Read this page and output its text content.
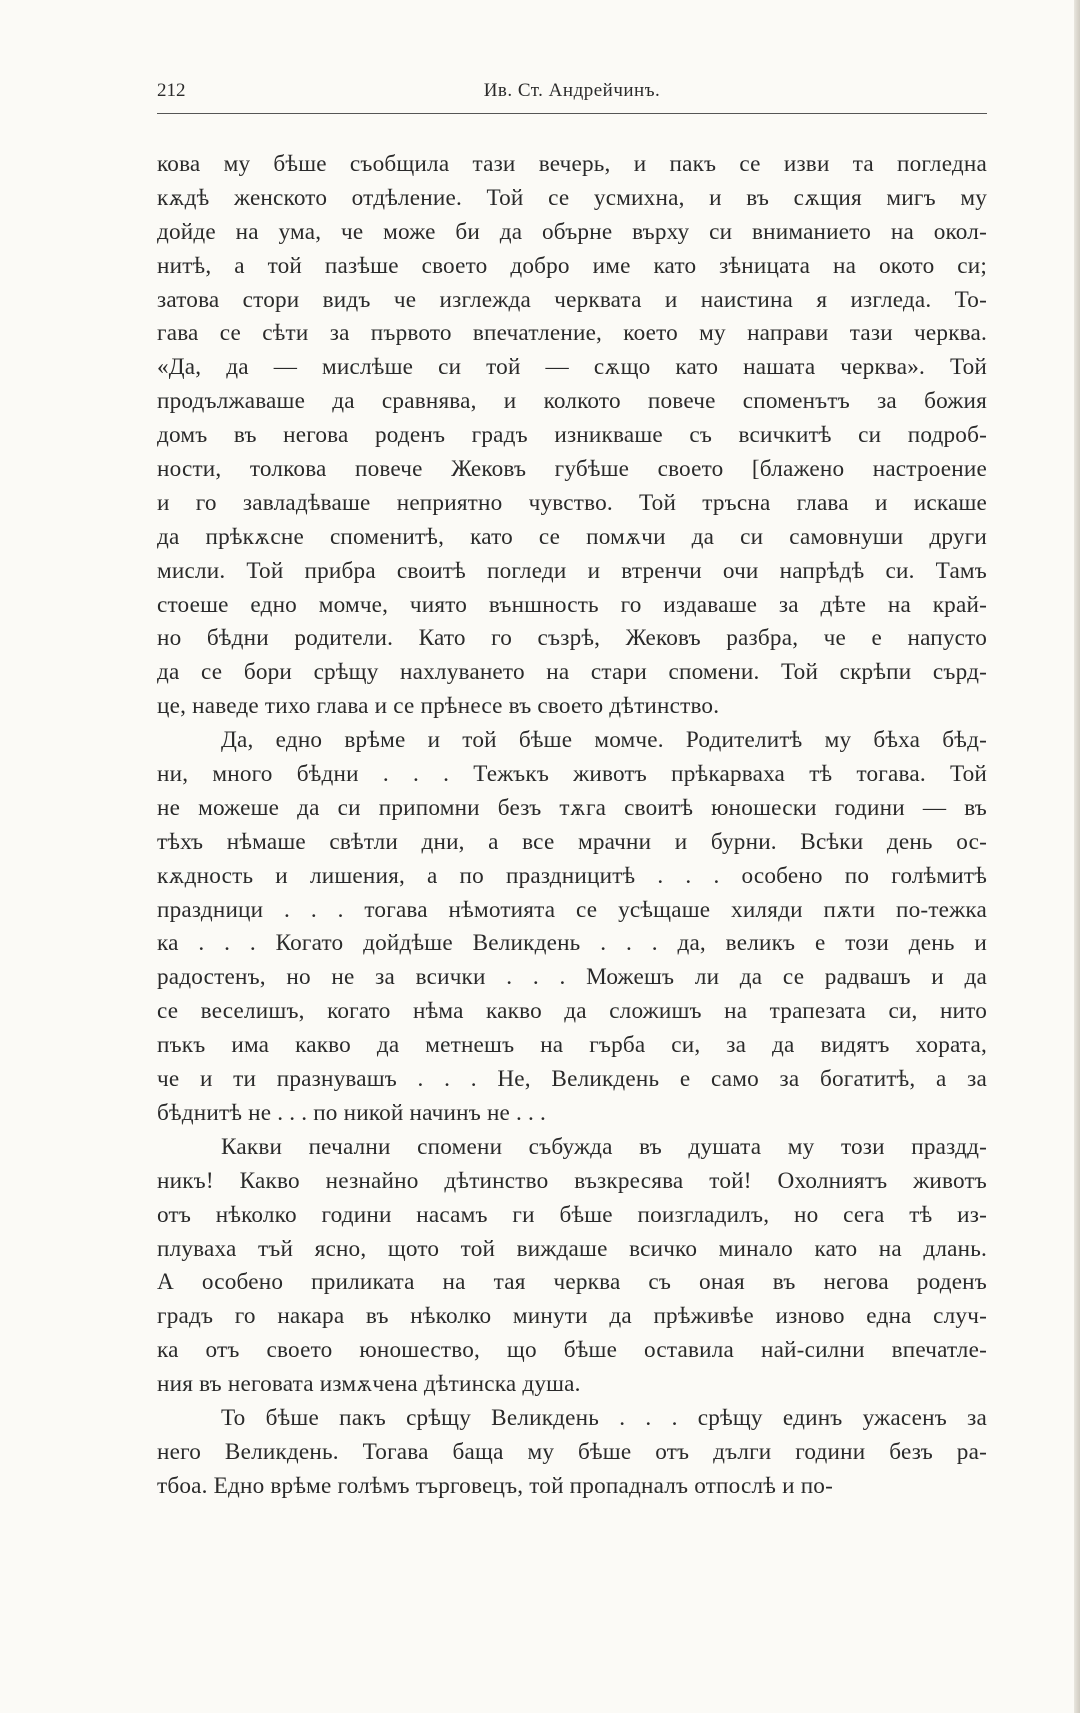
212	Ив. Ст. Андрейчинъ.
кова му бѣше съобщила тази вечерь, и пакъ се изви та погледна
кѫдѣ женското отдѣление. Той се усмихна, и въ сѫщия мигъ му
дойде на ума, че може би да обърне върху си вниманието на окол-
нитѣ, а той пазѣше своето добро име като зѣницата на окото си;
затова стори видъ че изглежда черквата и наистина я изгледа. То-
гава се сѣти за първото впечатление, което му направи тази черква.
«Да, да — мислѣше си той — сѫщо като нашата черква». Той
продължаваше да сравнява, и колкото повече споменътъ за божия
домъ въ негова роденъ градъ изникваше съ всичкитѣ си подроб-
ности, толкова повече Жековъ губѣше своето [блажено настроение
и го завладѣваше неприятно чувство. Той тръсна глава и искаше
да прѣкѫсне споменитѣ, като се помѫчи да си самовнуши други
мисли. Той прибра своитѣ погледи и втренчи очи напрѣдѣ си. Тамъ
стоеше едно момче, чиято външность го издаваше за дѣте на край-
но бѣдни родители. Като го съзрѣ, Жековъ разбра, че е напусто
да се бори срѣщу нахлуването на стари спомени. Той скрѣпи сърд-
це, наведе тихо глава и се прѣнесе въ своето дѣтинство.
Да, едно врѣме и той бѣше момче. Родителитѣ му бѣха бѣд-
ни, много бѣдни . . . Тежъкъ животъ прѣкарваха тѣ тогава. Той
не можеше да си припомни безъ тѫга своитѣ юношески години — въ
тѣхъ нѣмаше свѣтли дни, а все мрачни и бурни. Всѣки день ос-
кѫдность и лишения, а по праздницитѣ . . . особено по голѣмитѣ
праздници . . . тогава нѣмотията се усѣщаше хиляди пѫти по-тежка
ка . . . Когато дойдѣше Великдень . . . да, великъ е този день и
радостенъ, но не за всички . . . Можешъ ли да се радвашъ и да
се веселишъ, когато нѣма какво да сложишъ на трапезата си, нито
пъкъ има какво да метнешъ на гърба си, за да видятъ хората,
че и ти празнувашъ . . . Не, Великдень е само за богатитѣ, а за
бѣднитѣ не . . . по никой начинъ не . . .
Какви печални спомени събужда въ душата му този праздд-
никъ! Какво незнайно дѣтинство възкресява той! Охолниятъ животъ
отъ нѣколко години насамъ ги бѣше поизгладилъ, но сега тѣ из-
плуваха тъй ясно, щото той виждаше всичко минало като на длань.
А особено приликата на тая черква съ оная въ негова роденъ
градъ го накара въ нѣколко минути да прѣживѣе изново една случ-
ка отъ своето юношество, що бѣше оставила най-силни впечатле-
ния въ неговата измѫчена дѣтинска душа.
То бѣше пакъ срѣщу Великдень . . . срѣщу единъ ужасенъ за
него Великдень. Тогава баща му бѣше отъ дълги години безъ ра-
тбоа. Едно врѣме голѣмъ търговецъ, той пропадналъ отпослѣ и по-
